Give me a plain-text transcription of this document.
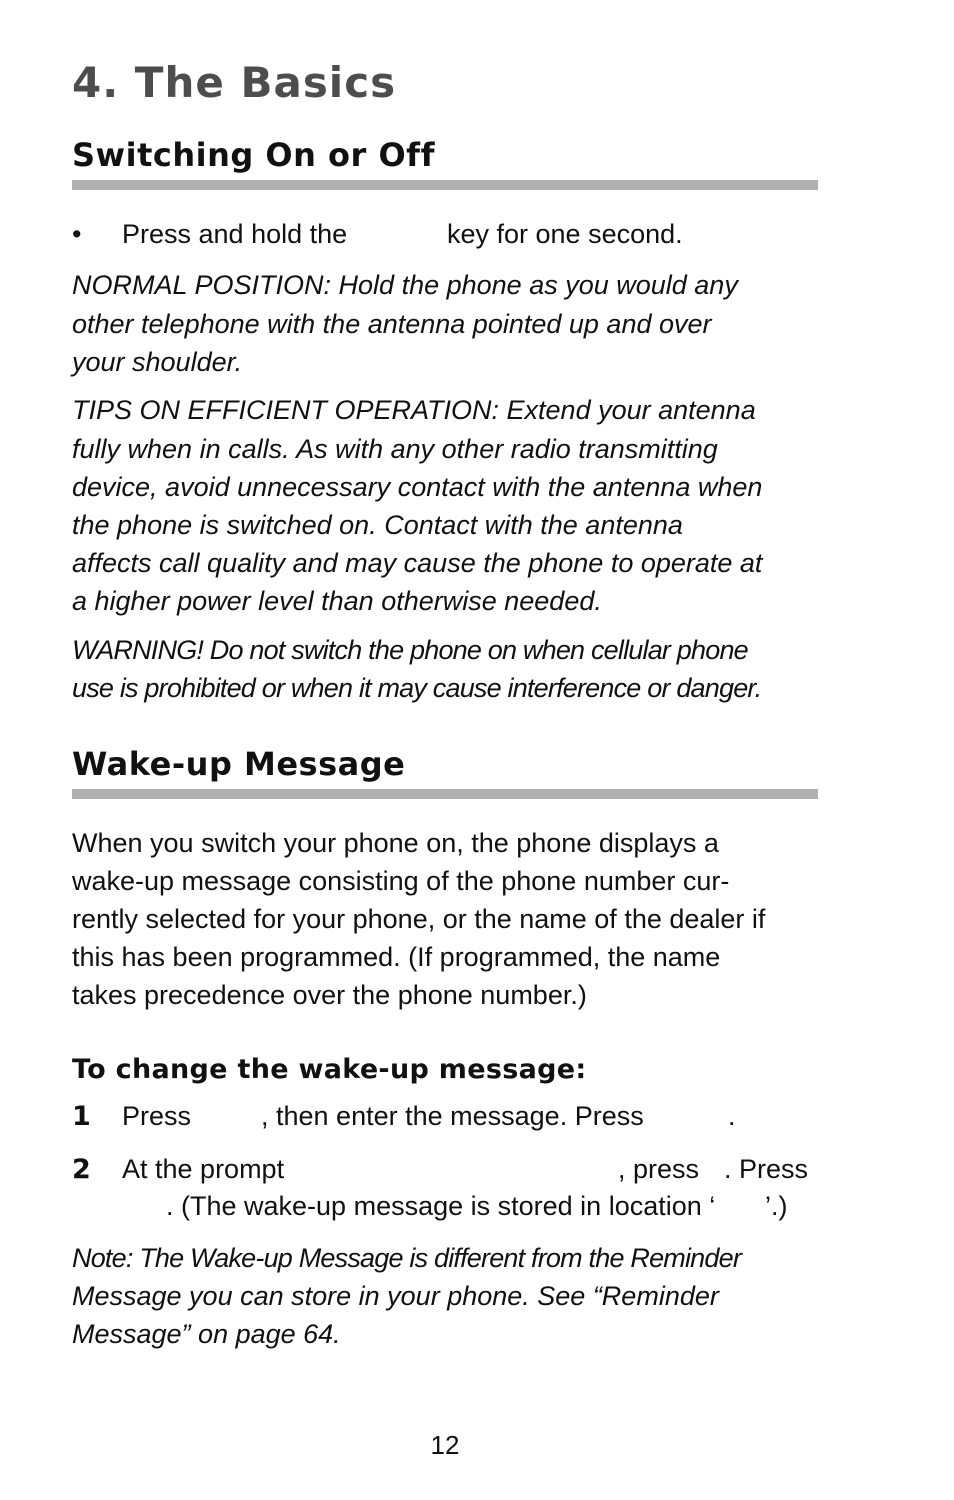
4. The Basics
Switching On or Off
• Press and hold the	key for one second.

NORMAL POSITION: Hold the phone as you would any

other telephone with the antenna pointed up and over

your shoulder.

TIPS ON EFFICIENT OPERATION: Extend your antenna

fully when in calls. As with any other radio transmitting

device, avoid unnecessary contact with the antenna when

the phone is switched on. Contact with the antenna

affects call quality and may cause the phone to operate at

a higher power level than otherwise needed.

WARNING! Do not switch the phone on when cellular phone

use is prohibited or when it may cause interference or danger.

Wake-up Message

When you switch your phone on, the phone displays a

wake-up message consisting of the phone number cur-

rently selected for your phone, or the name of the dealer if

this has been programmed. (If programmed, the name

takes precedence over the phone number.)

To change the wake-up message:
1 Press	, then enter the message. Press	.
2 At the prompt	, press . Press
. (The wake-up message is stored in location ‘ ’.)

Note: The Wake-up Message is different from the Reminder

Message you can store in your phone. See “Reminder

Message” on page 64.

12
